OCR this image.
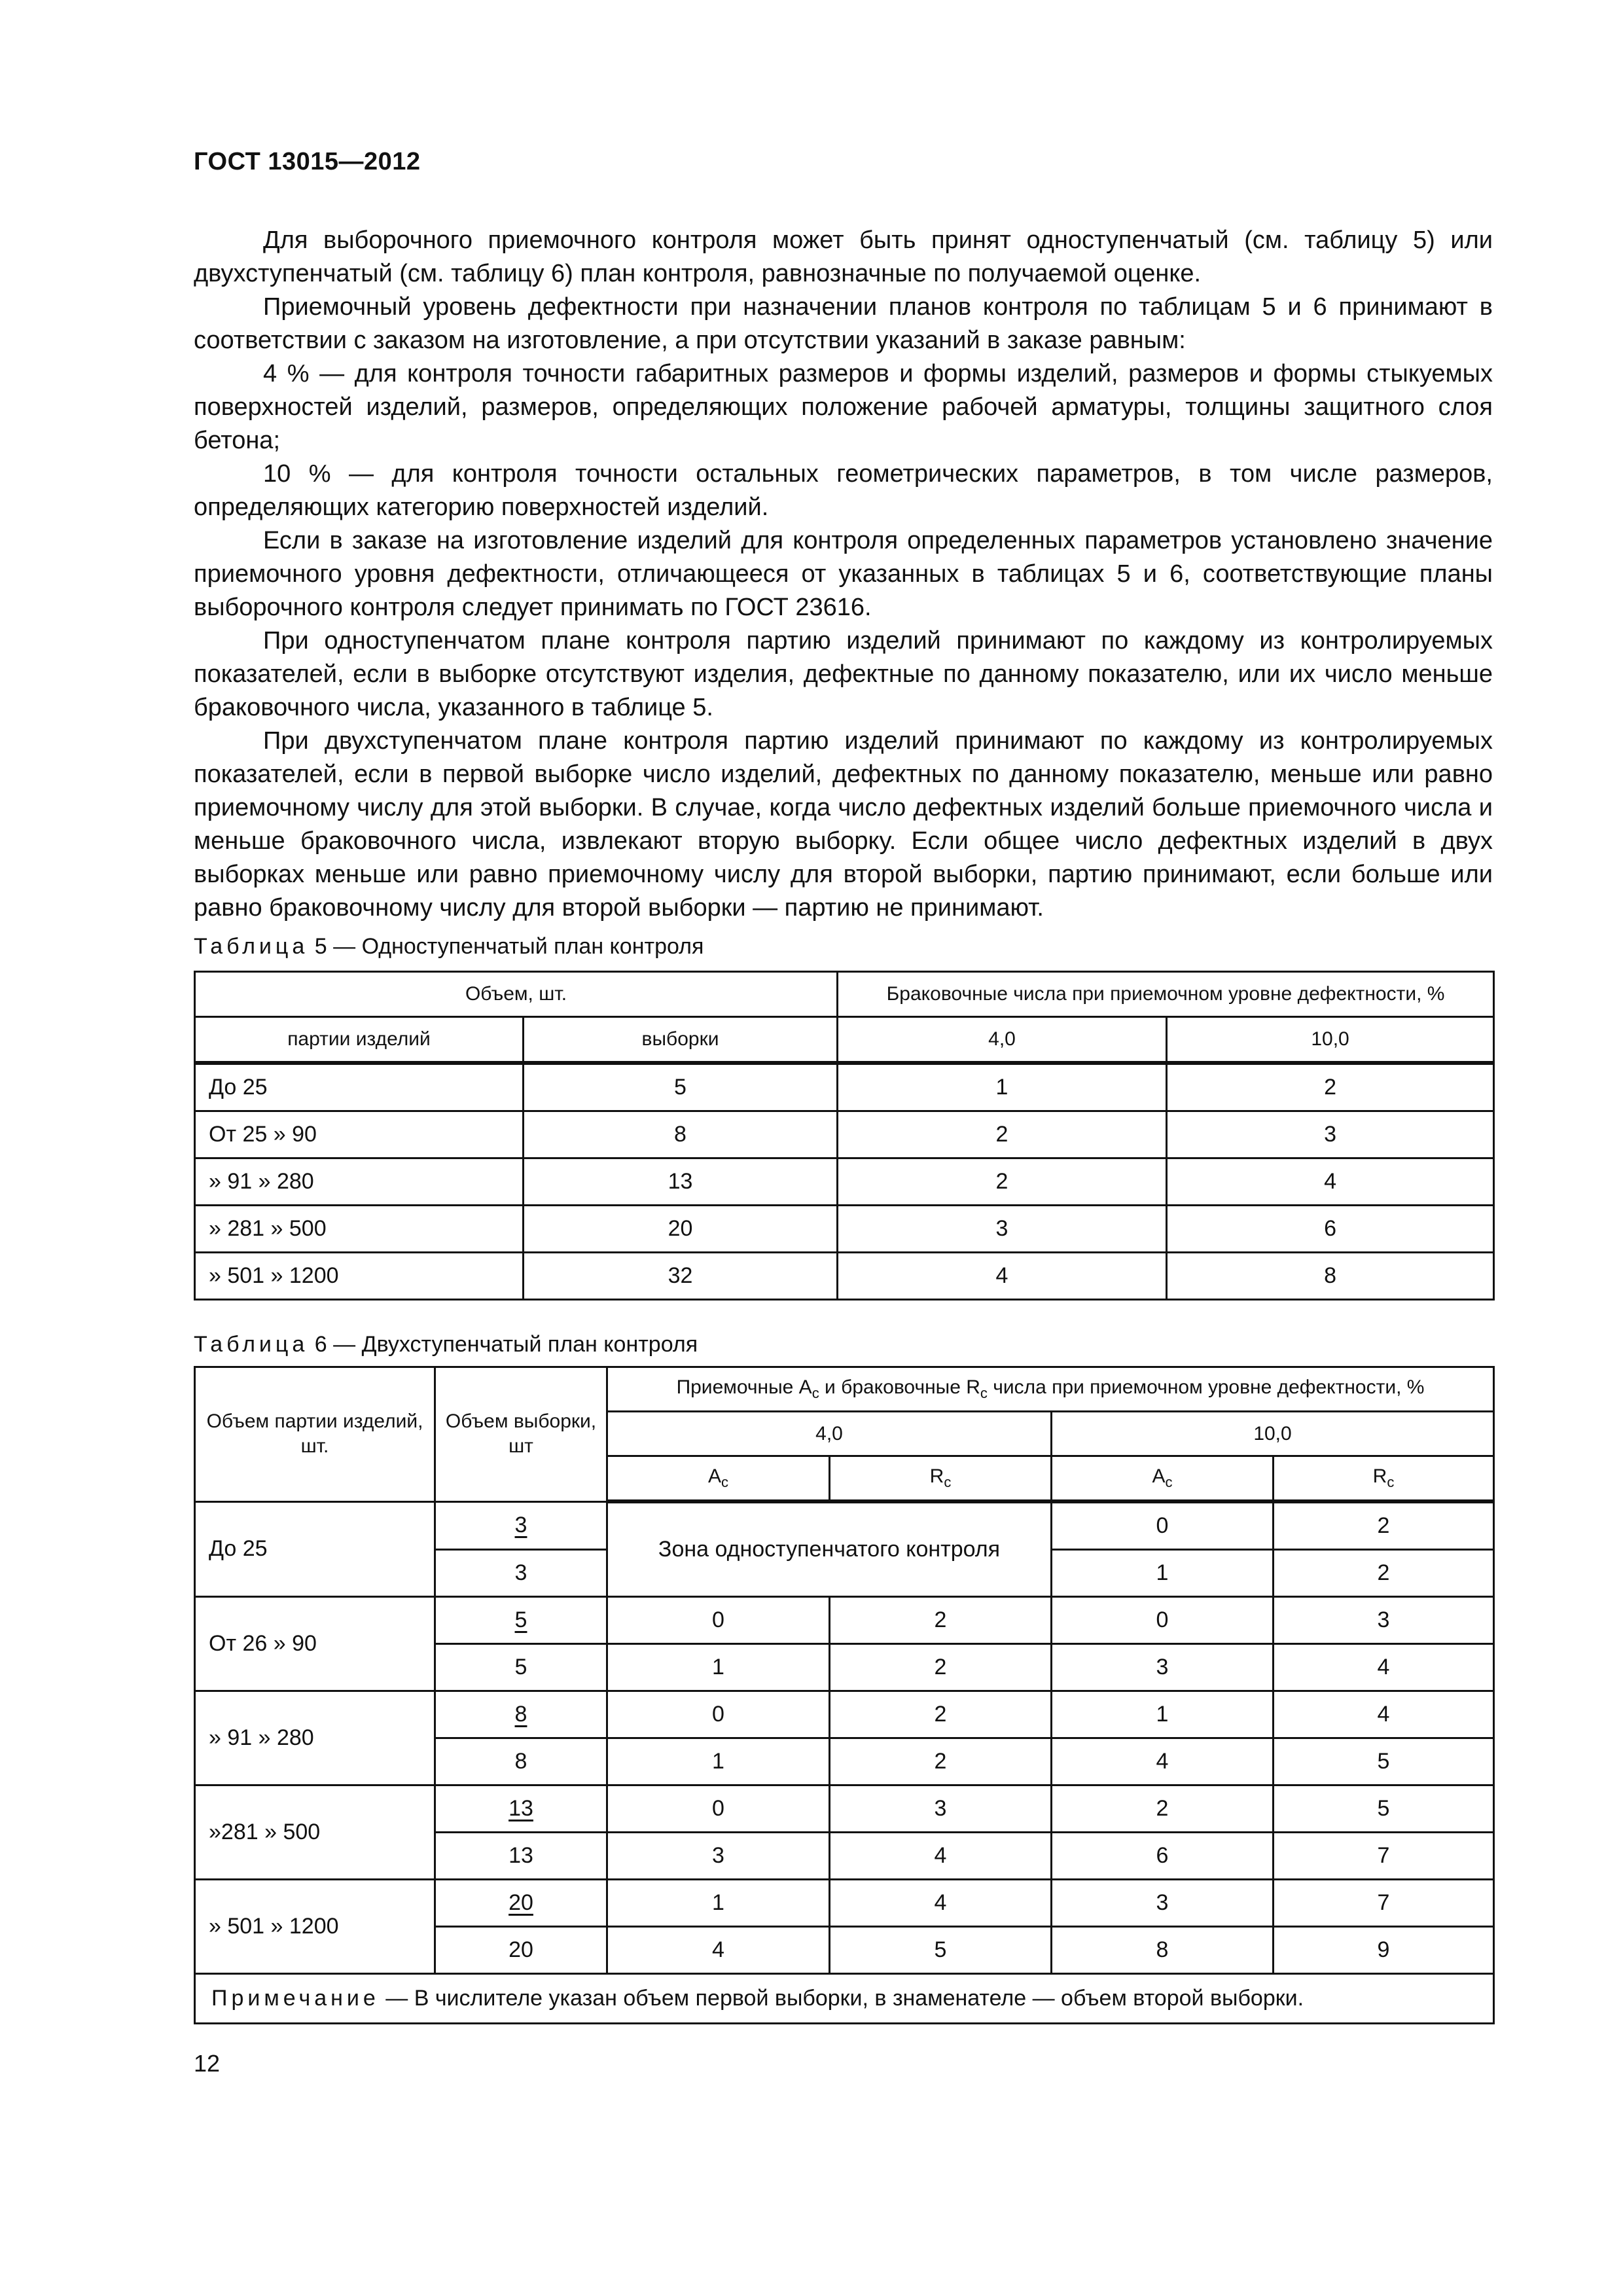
ГОСТ 13015—2012

Для выборочного приемочного контроля может быть принят одноступенчатый (см. таблицу 5) или двухступенчатый (см. таблицу 6) план контроля, равнозначные по получаемой оценке.

Приемочный уровень дефектности при назначении планов контроля по таблицам 5 и 6 принимают в соответствии с заказом на изготовление, а при отсутствии указаний в заказе равным:

4 % — для контроля точности габаритных размеров и формы изделий, размеров и формы стыкуемых поверхностей изделий, размеров, определяющих положение рабочей арматуры, толщины защитного слоя бетона;

10 % — для контроля точности остальных геометрических параметров, в том числе размеров, определяющих категорию поверхностей изделий.

Если в заказе на изготовление изделий для контроля определенных параметров установлено значение приемочного уровня дефектности, отличающееся от указанных в таблицах 5 и 6, соответствующие планы выборочного контроля следует принимать по ГОСТ 23616.

При одноступенчатом плане контроля партию изделий принимают по каждому из контролируемых показателей, если в выборке отсутствуют изделия, дефектные по данному показателю, или их число меньше браковочного числа, указанного в таблице 5.

При двухступенчатом плане контроля партию изделий принимают по каждому из контролируемых показателей, если в первой выборке число изделий, дефектных по данному показателю, меньше или равно приемочному числу для этой выборки. В случае, когда число дефектных изделий больше приемочного числа и меньше браковочного числа, извлекают вторую выборку. Если общее число дефектных изделий в двух выборках меньше или равно приемочному числу для второй выборки, партию принимают, если больше или равно браковочному числу для второй выборки — партию не принимают.

Таблица 5 — Одноступенчатый план контроля
Объем, шт.		Браковочные числа при приемочном уровне дефектности, %	
партии изделий	выборки	4,0	10,0
До 25	5	1	2
От 25 » 90	8	2	3
» 91 » 280	13	2	4
» 281 » 500	20	3	6
» 501 » 1200	32	4	8
Таблица 6 — Двухступенчатый план контроля
Объем партии изделий, шт.	Объем выборки, шт	Приемочные $A_c$ и браковочные $R_c$ числа при приемочном уровне дефектности, %			
		4,0		10,0	
		$A_c$	$R_c$	$A_c$	$R_c$
До 25	3	Зона одноступенчатого контроля		0	2
	3			1	2
От 26 » 90	5	0	2	0	3
	5	1	2	3	4
» 91 » 280	8	0	2	1	4
	8	1	2	4	5
»281 » 500	13	0	3	2	5
	13	3	4	6	7
» 501 » 1200	20	1	4	3	7
	20	4	5	8	9
Примечание — В числителе указан объем первой выборки, в знаменателе — объем второй выборки.					
12
